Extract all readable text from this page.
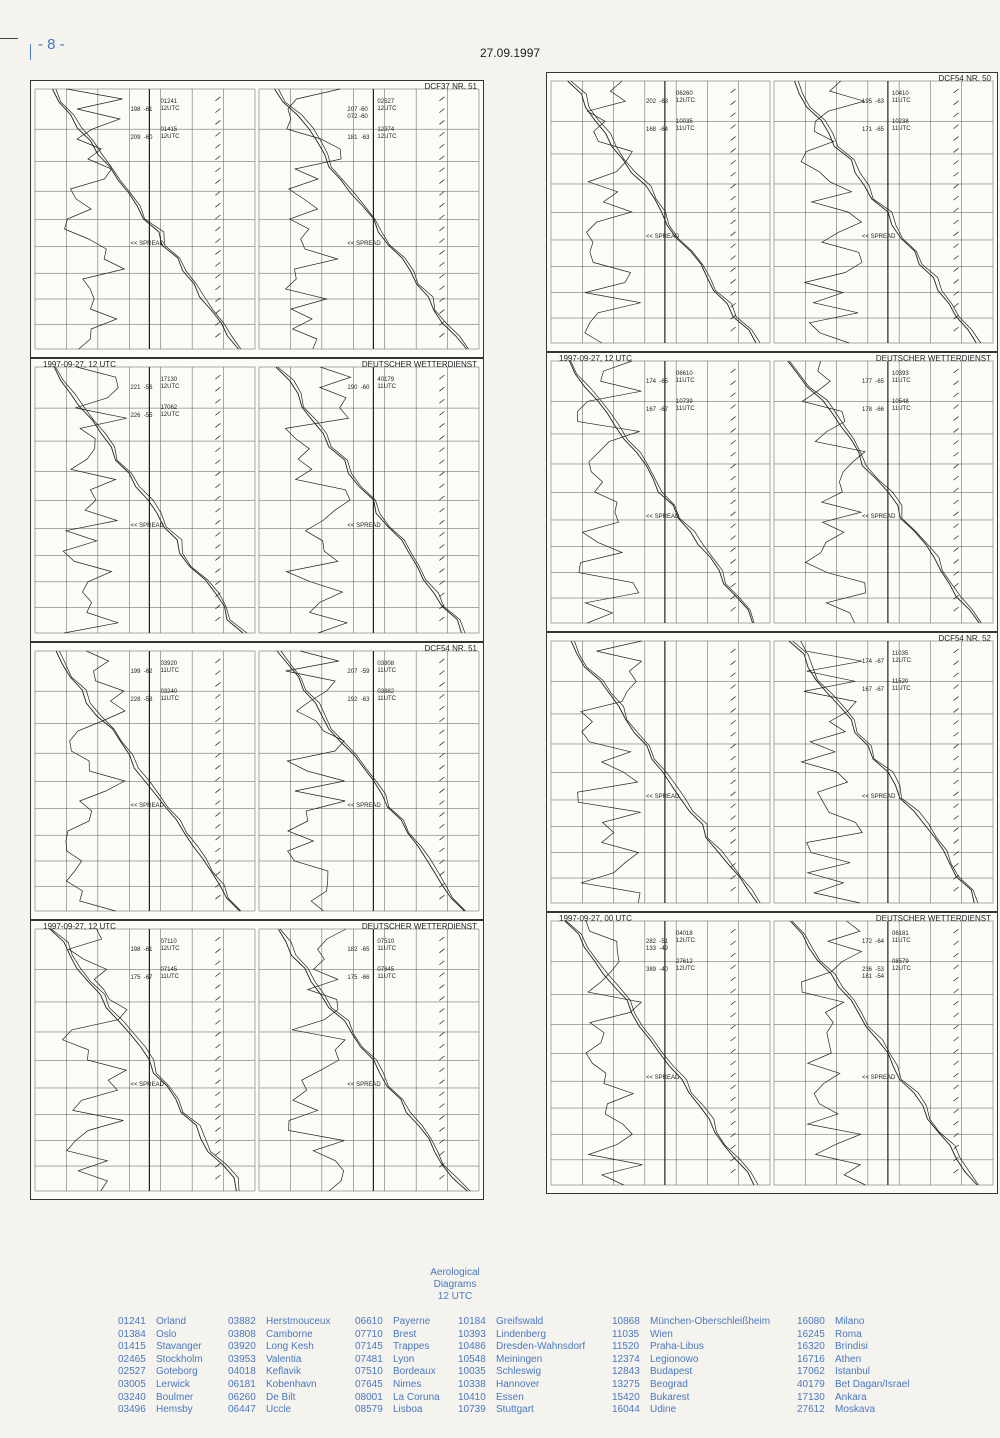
- 8 -	27.09.1997
DCF37 NR. 51
01241
12UTC
198  -61
01415
12UTC
209  -60
02527
12UTC
207 -60
072 -60
12374
12UTC
181  -63
<< SPREAD	<< SPREAD
1997-09-27, 12 UTC	DEUTSCHER WETTERDIENST
17130
12UTC
221  -56
17062
12UTC
226  -55
40179
11UTC
190  -60
<< SPREAD	<< SPREAD
DCF54 NR. 51
03920
11UTC
199  -62
03240
11UTC
228  -58
03808
11UTC
207  -59
03882
11UTC
192  -63
<< SPREAD	<< SPREAD
1997-09-27, 12 UTC	DEUTSCHER WETTERDIENST
07110
12UTC
198  -61
07145
11UTC
175  -67
07510
11UTC
182  -65
07645
11UTC
175  -66
<< SPREAD	<< SPREAD
DCF54 NR. 50
06260
12UTC
202  -63
10035
11UTC
168  -64
10410
11UTC
195  -63
10238
11UTC
171  -65
<< SPREAD	<< SPREAD
1997-09-27, 12 UTC	DEUTSCHER WETTERDIENST
06610
11UTC
174  -65
10739
11UTC
167  -67
10393
11UTC
177  -65
10548
11UTC
178  -66
<< SPREAD	<< SPREAD
DCF54 NR. 52
11035
12UTC
174  -67
11520
11UTC
167  -67
<< SPREAD	<< SPREAD
1997-09-27, 00 UTC	DEUTSCHER WETTERDIENST
04018
12UTC
282  -51
133  -49
27612
12UTC
389  -40
06181
11UTC
172  -64
08579
12UTC
236  -53
181  -54
<< SPREAD	<< SPREAD
Aerological
Diagrams
12 UTC
01241 Orland
01384 Oslo
01415 Stavanger
02465 Stockholm
02527 Goteborg
03005 Lerwick
03240 Boulmer
03496 Hemsby
03882 Herstmouceux
03808 Camborne
03920 Long Kesh
03953 Valentia
04018 Keflavik
06181 Kobenhavn
06260 De Bilt
06447 Uccle
06610 Payerne
07710 Brest
07145 Trappes
07481 Lyon
07510 Bordeaux
07645 Nimes
08001 La Coruna
08579 Lisboa
10184 Greifswald
10393 Lindenberg
10486 Dresden-Wahnsdorf
10548 Meiningen
10035 Schleswig
10338 Hannover
10410 Essen
10739 Stuttgart
10868 München-Oberschleißheim
11035 Wien
11520 Praha-Libus
12374 Legionowo
12843 Budapest
13275 Beograd
15420 Bukarest
16044 Udine
16080 Milano
16245 Roma
16320 Brindisi
16716 Athen
17062 Istanbul
40179 Bet Dagan/Israel
17130 Ankara
27612 Moskava
